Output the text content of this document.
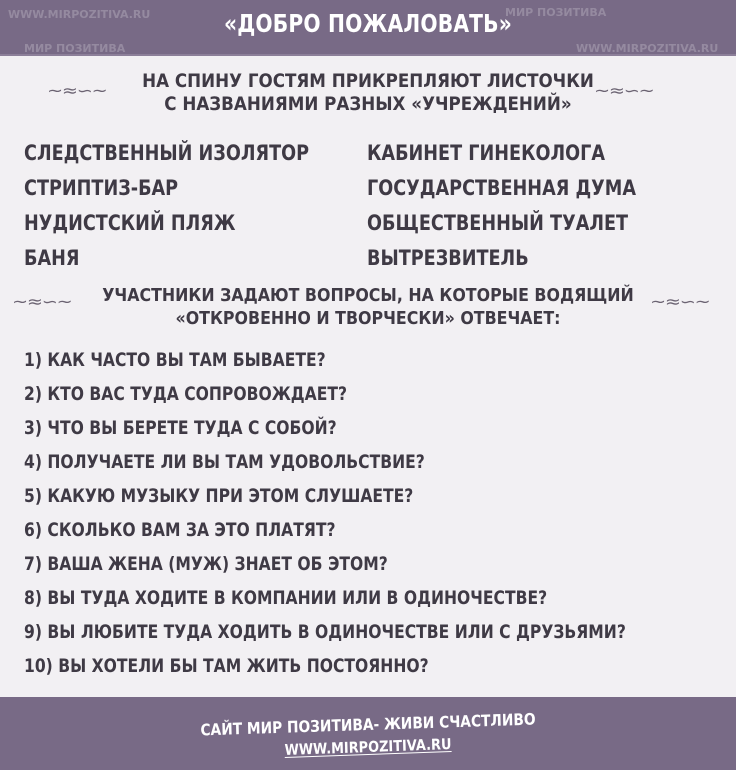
WWW.MIRPOZITIVA.RU
МИР ПОЗИТИВА
МИР ПОЗИТИВА
WWW.MIRPOZITIVA.RU
«ДОБРО ПОЖАЛОВАТЬ»
~≈∽~	~≈∽~
НА СПИНУ ГОСТЯМ ПРИКРЕПЛЯЮТ ЛИСТОЧКИ
С НАЗВАНИЯМИ РАЗНЫХ «УЧРЕЖДЕНИЙ»
СЛЕДСТВЕННЫЙ ИЗОЛЯТОР
СТРИПТИЗ-БАР
НУДИСТСКИЙ ПЛЯЖ
БАНЯ
КАБИНЕТ ГИНЕКОЛОГА
ГОСУДАРСТВЕННАЯ ДУМА
ОБЩЕСТВЕННЫЙ ТУАЛЕТ
ВЫТРЕЗВИТЕЛЬ
~≈∽~	~≈∽~
УЧАСТНИКИ ЗАДАЮТ ВОПРОСЫ, НА КОТОРЫЕ ВОДЯЩИЙ
«ОТКРОВЕННО И ТВОРЧЕСКИ» ОТВЕЧАЕТ:
1) КАК ЧАСТО ВЫ ТАМ БЫВАЕТЕ?
2) КТО ВАС ТУДА СОПРОВОЖДАЕТ?
3) ЧТО ВЫ БЕРЕТЕ ТУДА С СОБОЙ?
4) ПОЛУЧАЕТЕ ЛИ ВЫ ТАМ УДОВОЛЬСТВИЕ?
5) КАКУЮ МУЗЫКУ ПРИ ЭТОМ СЛУШАЕТЕ?
6) СКОЛЬКО ВАМ ЗА ЭТО ПЛАТЯТ?
7) ВАША ЖЕНА (МУЖ) ЗНАЕТ ОБ ЭТОМ?
8) ВЫ ТУДА ХОДИТЕ В КОМПАНИИ ИЛИ В ОДИНОЧЕСТВЕ?
9) ВЫ ЛЮБИТЕ ТУДА ХОДИТЬ В ОДИНОЧЕСТВЕ ИЛИ С ДРУЗЬЯМИ?
10) ВЫ ХОТЕЛИ БЫ ТАМ ЖИТЬ ПОСТОЯННО?
САЙТ МИР ПОЗИТИВА- ЖИВИ СЧАСТЛИВО
WWW.MIRPOZITIVA.RU
